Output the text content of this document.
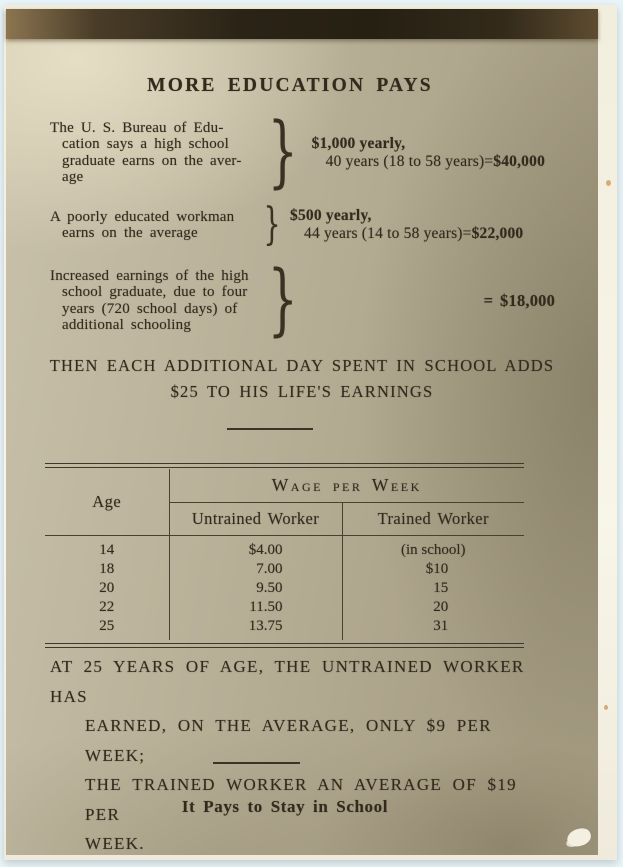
MORE EDUCATION PAYS
The U. S. Bureau of Edu-
cation says a high school
graduate earns on the aver-
age	} $1,000 yearly,
40 years (18 to 58 years)=$40,000
A poorly educated workman
earns on the average	} $500 yearly,
44 years (14 to 58 years)=$22,000
Increased earnings of the high
school graduate, due to four
years (720 school days) of
additional schooling }	= $18,000
THEN EACH ADDITIONAL DAY SPENT IN SCHOOL ADDS
$25 TO HIS LIFE'S EARNINGS
Age	Wage per Week	
	Untrained Worker	Trained Worker
14	$4.00	(in school)
18	7.00	$10
20	9.50	15
22	11.50	20
25	13.75	31
AT 25 YEARS OF AGE, THE UNTRAINED WORKER HAS
EARNED, ON THE AVERAGE, ONLY $9 PER WEEK;
THE TRAINED WORKER AN AVERAGE OF $19 PER
WEEK.
It Pays to Stay in School
